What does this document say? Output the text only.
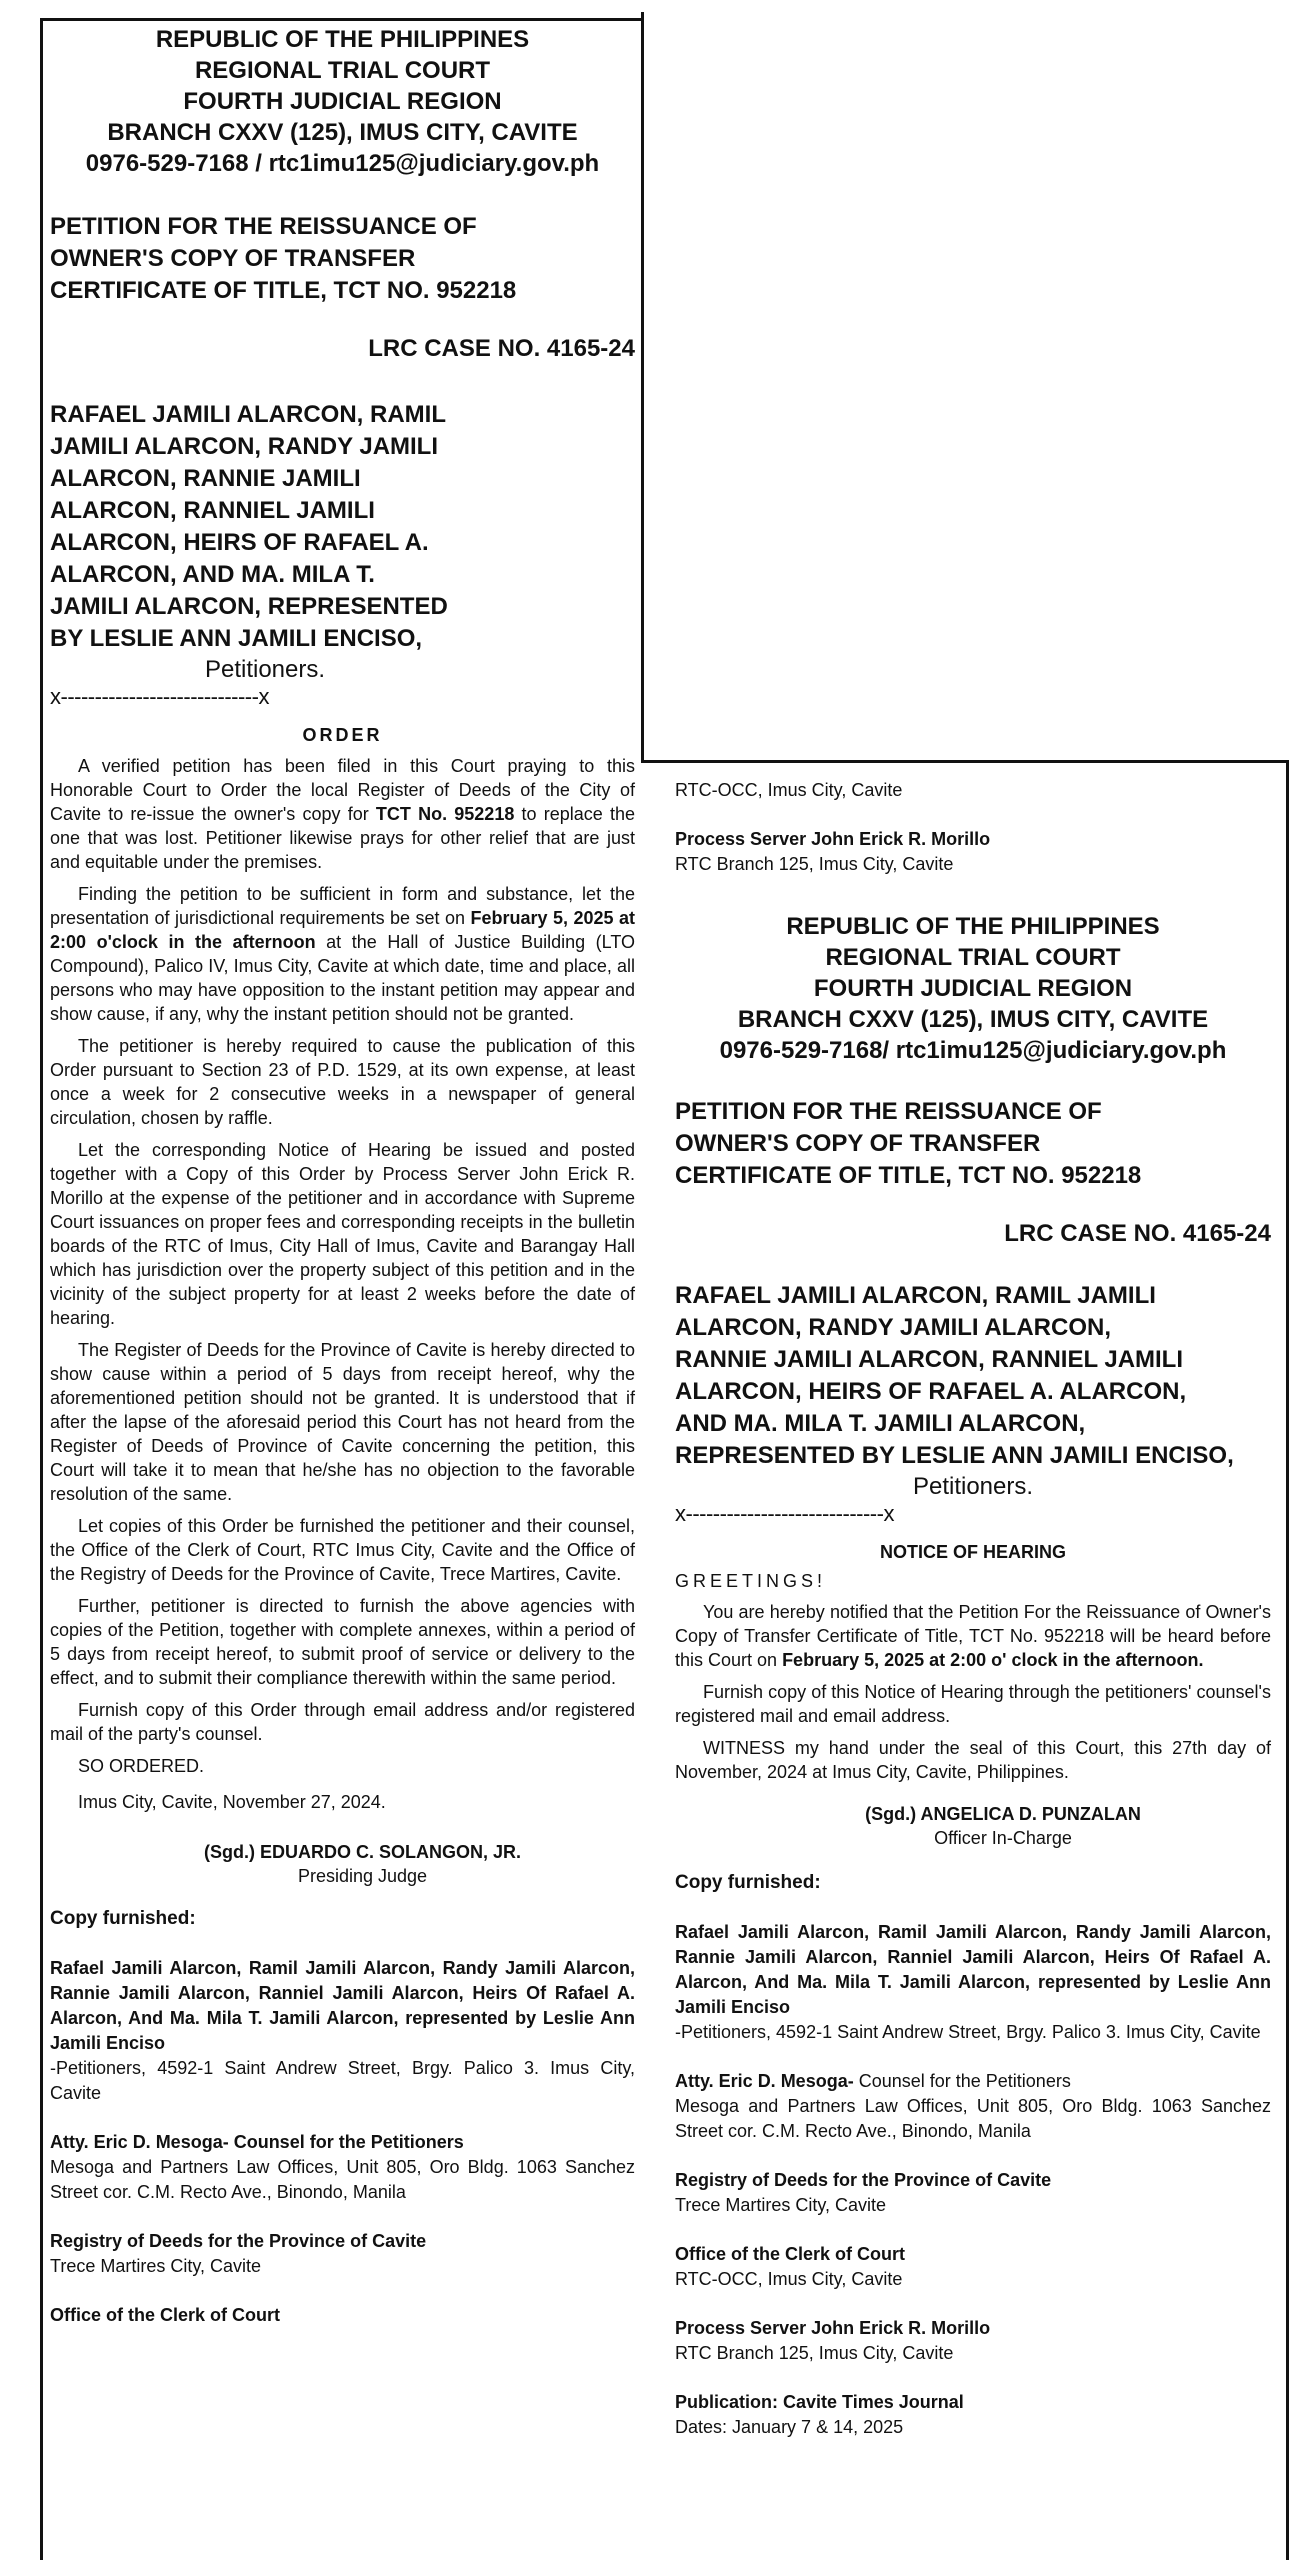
REPUBLIC OF THE PHILIPPINES
REGIONAL TRIAL COURT
FOURTH JUDICIAL REGION
BRANCH CXXV (125), IMUS CITY, CAVITE
0976-529-7168 / rtc1imu125@judiciary.gov.ph
PETITION FOR THE REISSUANCE OF
OWNER'S COPY OF TRANSFER
CERTIFICATE OF TITLE, TCT NO. 952218
LRC CASE NO. 4165-24
RAFAEL JAMILI ALARCON, RAMIL
JAMILI ALARCON, RANDY JAMILI
ALARCON, RANNIE JAMILI
ALARCON, RANNIEL JAMILI
ALARCON, HEIRS OF RAFAEL A.
ALARCON, AND MA. MILA T.
JAMILI ALARCON, REPRESENTED
BY LESLIE ANN JAMILI ENCISO,
Petitioners.
x-----------------------------x
ORDER

A verified petition has been filed in this Court praying to this Honorable Court to Order the local Register of Deeds of the City of Cavite to re-issue the owner's copy for TCT No. 952218 to replace the one that was lost. Petitioner likewise prays for other relief that are just and equitable under the premises.

Finding the petition to be sufficient in form and substance, let the presentation of jurisdictional requirements be set on February 5, 2025 at 2:00 o'clock in the afternoon at the Hall of Justice Building (LTO Compound), Palico IV, Imus City, Cavite at which date, time and place, all persons who may have opposition to the instant petition may appear and show cause, if any, why the instant petition should not be granted.

The petitioner is hereby required to cause the publication of this Order pursuant to Section 23 of P.D. 1529, at its own expense, at least once a week for 2 consecutive weeks in a newspaper of general circulation, chosen by raffle.

Let the corresponding Notice of Hearing be issued and posted together with a Copy of this Order by Process Server John Erick R. Morillo at the expense of the petitioner and in accordance with Supreme Court issuances on proper fees and corresponding receipts in the bulletin boards of the RTC of Imus, City Hall of Imus, Cavite and Barangay Hall which has jurisdiction over the property subject of this petition and in the vicinity of the subject property for at least 2 weeks before the date of hearing.

The Register of Deeds for the Province of Cavite is hereby directed to show cause within a period of 5 days from receipt hereof, why the aforementioned petition should not be granted. It is understood that if after the lapse of the aforesaid period this Court has not heard from the Register of Deeds of Province of Cavite concerning the petition, this Court will take it to mean that he/she has no objection to the favorable resolution of the same.

Let copies of this Order be furnished the petitioner and their counsel, the Office of the Clerk of Court, RTC Imus City, Cavite and the Office of the Registry of Deeds for the Province of Cavite, Trece Martires, Cavite.

Further, petitioner is directed to furnish the above agencies with copies of the Petition, together with complete annexes, within a period of 5 days from receipt hereof, to submit proof of service or delivery to the effect, and to submit their compliance therewith within the same period.

Furnish copy of this Order through email address and/or registered mail of the party's counsel.

SO ORDERED.
Imus City, Cavite, November 27, 2024.
(Sgd.) EDUARDO C. SOLANGON, JR.
Presiding Judge
Copy furnished:
Rafael Jamili Alarcon, Ramil Jamili Alarcon, Randy Jamili Alarcon, Rannie Jamili Alarcon, Ranniel Jamili Alarcon, Heirs Of Rafael A. Alarcon, And Ma. Mila T. Jamili Alarcon, represented by Leslie Ann Jamili Enciso
-Petitioners, 4592-1 Saint Andrew Street, Brgy. Palico 3. Imus City, Cavite
Atty. Eric D. Mesoga- Counsel for the Petitioners
Mesoga and Partners Law Offices, Unit 805, Oro Bldg. 1063 Sanchez Street cor. C.M. Recto Ave., Binondo, Manila
Registry of Deeds for the Province of Cavite
Trece Martires City, Cavite
Office of the Clerk of Court
RTC-OCC, Imus City, Cavite
Process Server John Erick R. Morillo
RTC Branch 125, Imus City, Cavite
REPUBLIC OF THE PHILIPPINES
REGIONAL TRIAL COURT
FOURTH JUDICIAL REGION
BRANCH CXXV (125), IMUS CITY, CAVITE
0976-529-7168/ rtc1imu125@judiciary.gov.ph
PETITION FOR THE REISSUANCE OF
OWNER'S COPY OF TRANSFER
CERTIFICATE OF TITLE, TCT NO. 952218
LRC CASE NO. 4165-24
RAFAEL JAMILI ALARCON, RAMIL JAMILI
ALARCON, RANDY JAMILI ALARCON,
RANNIE JAMILI ALARCON, RANNIEL JAMILI
ALARCON, HEIRS OF RAFAEL A. ALARCON,
AND MA. MILA T. JAMILI ALARCON,
REPRESENTED BY LESLIE ANN JAMILI ENCISO,
Petitioners.
x-----------------------------x
NOTICE OF HEARING
GREETINGS!

You are hereby notified that the Petition For the Reissuance of Owner's Copy of Transfer Certificate of Title, TCT No. 952218 will be heard before this Court on February 5, 2025 at 2:00 o' clock in the afternoon.

Furnish copy of this Notice of Hearing through the petitioners' counsel's registered mail and email address.

WITNESS my hand under the seal of this Court, this 27th day of November, 2024 at Imus City, Cavite, Philippines.

(Sgd.) ANGELICA D. PUNZALAN
Officer In-Charge
Copy furnished:
Rafael Jamili Alarcon, Ramil Jamili Alarcon, Randy Jamili Alarcon, Rannie Jamili Alarcon, Ranniel Jamili Alarcon, Heirs Of Rafael A. Alarcon, And Ma. Mila T. Jamili Alarcon, represented by Leslie Ann Jamili Enciso
-Petitioners, 4592-1 Saint Andrew Street, Brgy. Palico 3. Imus City, Cavite
Atty. Eric D. Mesoga- Counsel for the Petitioners
Mesoga and Partners Law Offices, Unit 805, Oro Bldg. 1063 Sanchez Street cor. C.M. Recto Ave., Binondo, Manila
Registry of Deeds for the Province of Cavite
Trece Martires City, Cavite
Office of the Clerk of Court
RTC-OCC, Imus City, Cavite
Process Server John Erick R. Morillo
RTC Branch 125, Imus City, Cavite
Publication: Cavite Times Journal
Dates: January 7 & 14, 2025
